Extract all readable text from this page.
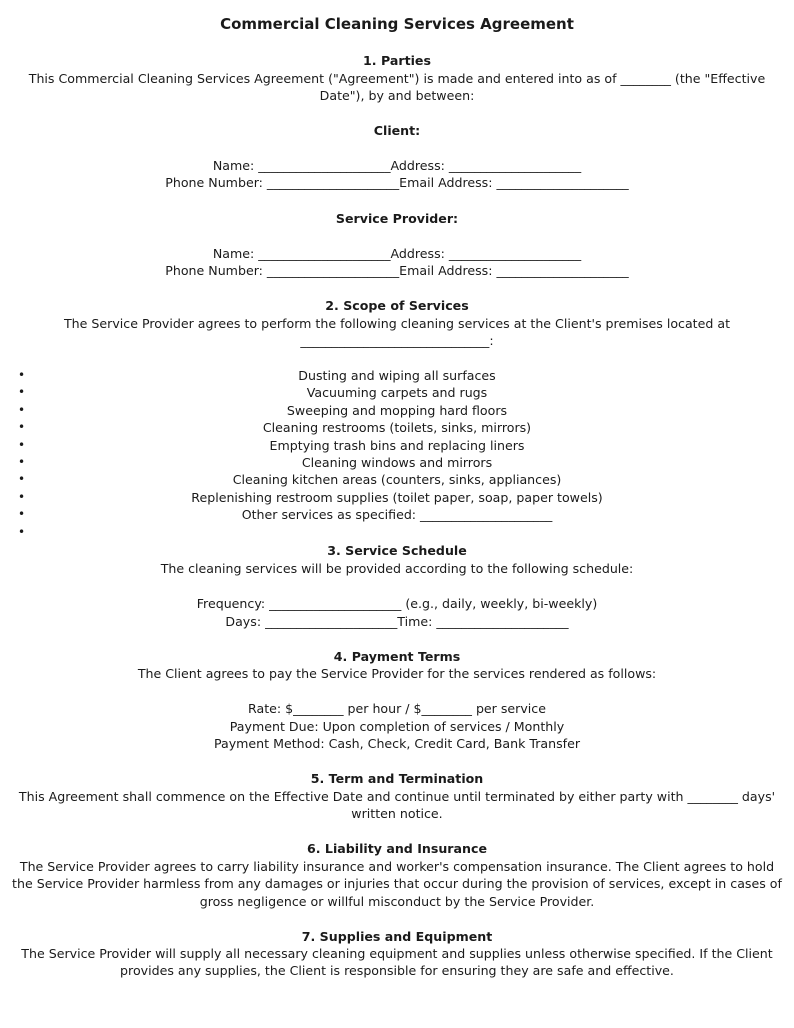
Commercial Cleaning Services Agreement
1. Parties
This Commercial Cleaning Services Agreement ("Agreement") is made and entered into as of ________ (the "Effective Date"), by and between:
Client:
Name: _____________________Address: _____________________
Phone Number: _____________________Email Address: _____________________
Service Provider:
Name: _____________________Address: _____________________
Phone Number: _____________________Email Address: _____________________
2. Scope of Services
The Service Provider agrees to perform the following cleaning services at the Client's premises located at ______________________________:
• Dusting and wiping all surfaces
• Vacuuming carpets and rugs
• Sweeping and mopping hard floors
• Cleaning restrooms (toilets, sinks, mirrors)
• Emptying trash bins and replacing liners
• Cleaning windows and mirrors
• Cleaning kitchen areas (counters, sinks, appliances)
• Replenishing restroom supplies (toilet paper, soap, paper towels)
• Other services as specified: _____________________
•
3. Service Schedule
The cleaning services will be provided according to the following schedule:
Frequency: _____________________ (e.g., daily, weekly, bi-weekly)
Days: _____________________Time: _____________________
4. Payment Terms
The Client agrees to pay the Service Provider for the services rendered as follows:
Rate: $________ per hour / $________ per service
Payment Due: Upon completion of services / Monthly
Payment Method: Cash, Check, Credit Card, Bank Transfer
5. Term and Termination
This Agreement shall commence on the Effective Date and continue until terminated by either party with ________ days' written notice.
6. Liability and Insurance
The Service Provider agrees to carry liability insurance and worker's compensation insurance. The Client agrees to hold the Service Provider harmless from any damages or injuries that occur during the provision of services, except in cases of gross negligence or willful misconduct by the Service Provider.
7. Supplies and Equipment
The Service Provider will supply all necessary cleaning equipment and supplies unless otherwise specified. If the Client provides any supplies, the Client is responsible for ensuring they are safe and effective.
